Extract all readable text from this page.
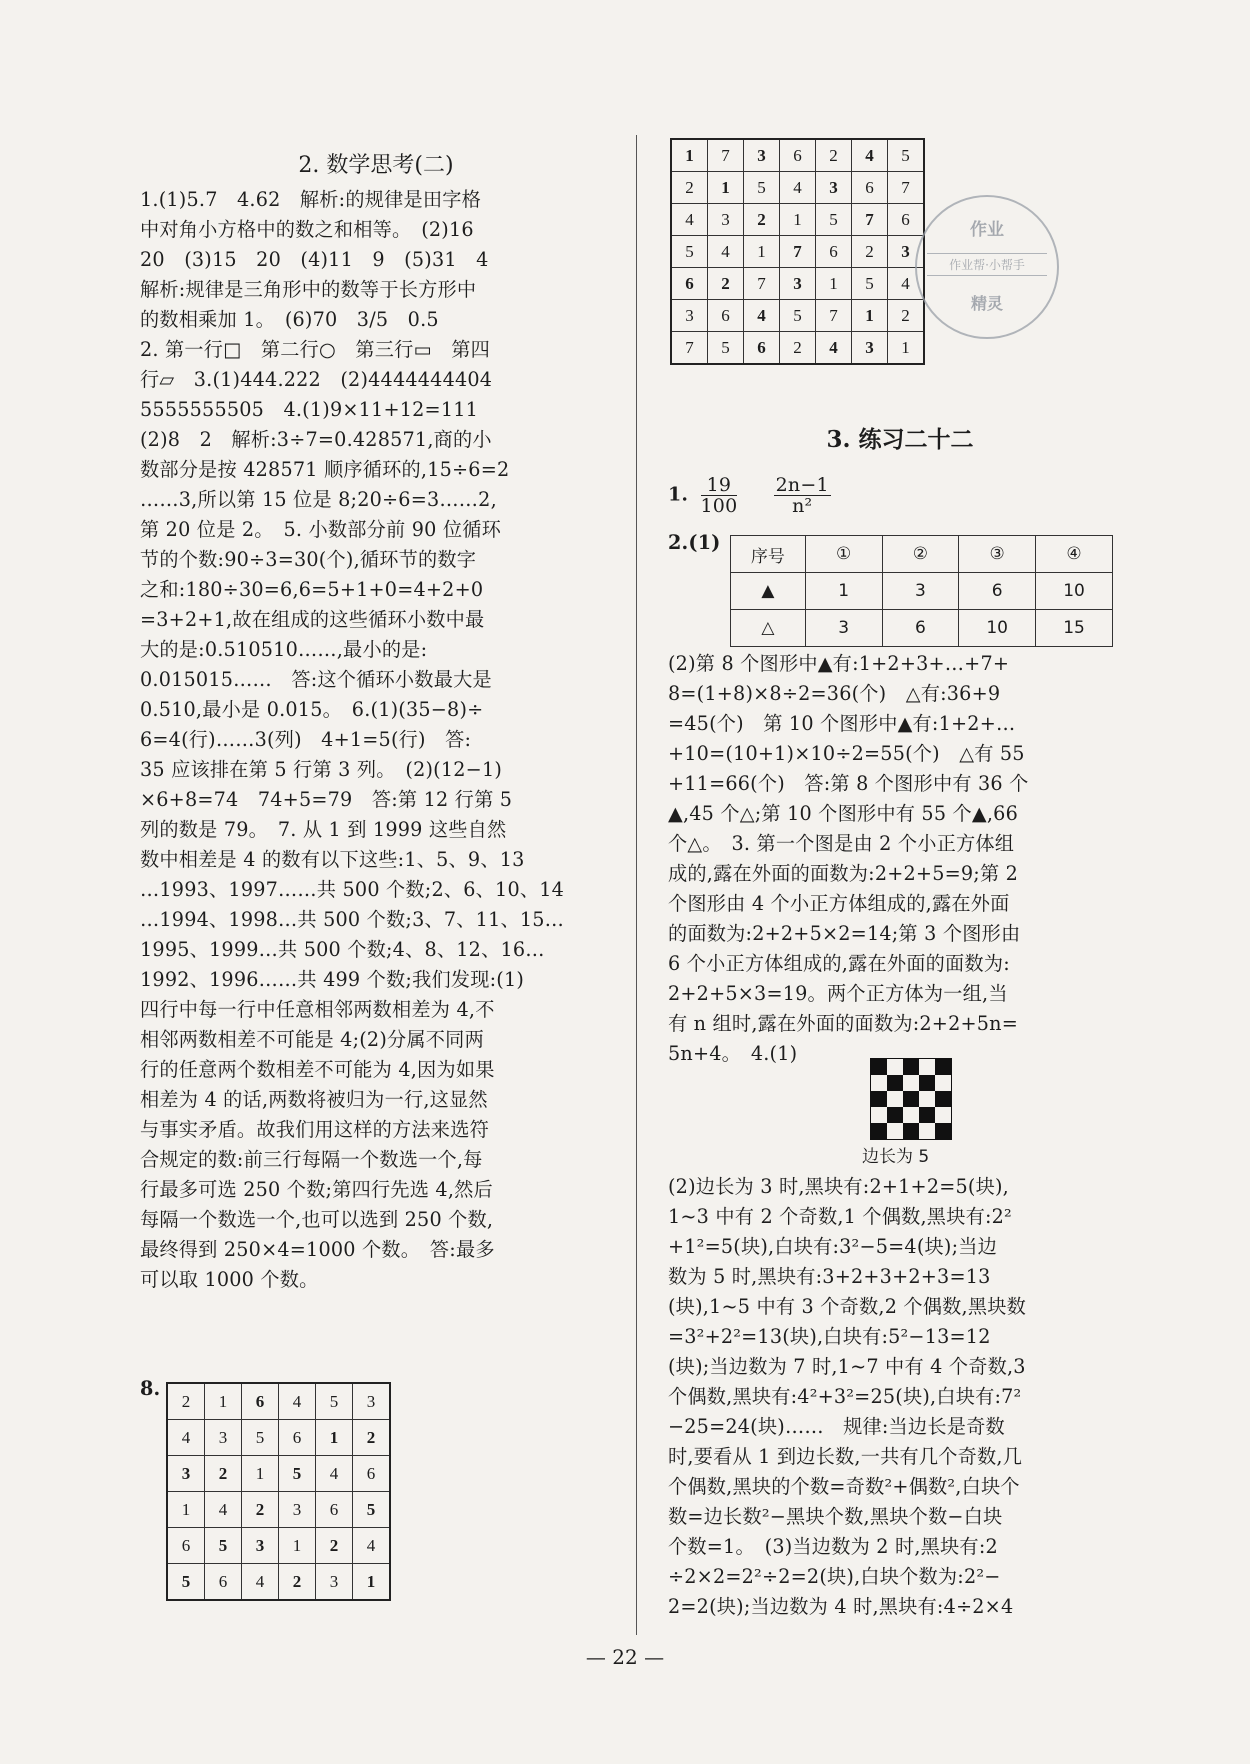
2. 数学思考(二)
1.(1)5.7　4.62　解析:的规律是田字格
中对角小方格中的数之和相等。　(2)16
20　(3)15　20　(4)11　9　(5)31　4
解析:规律是三角形中的数等于长方形中
的数相乘加 1。　(6)70　3/5　0.5
2. 第一行□　第二行○　第三行▭　第四
行▱　3.(1)444.222　(2)4444444404
5555555505　4.(1)9×11+12=111
(2)8　2　解析:3÷7=0.428571,商的小
数部分是按 428571 顺序循环的,15÷6=2
……3,所以第 15 位是 8;20÷6=3……2,
第 20 位是 2。　5. 小数部分前 90 位循环
节的个数:90÷3=30(个),循环节的数字
之和:180÷30=6,6=5+1+0=4+2+0
=3+2+1,故在组成的这些循环小数中最
大的是:0.510510……,最小的是:
0.015015……　答:这个循环小数最大是
0.510,最小是 0.015。　6.(1)(35−8)÷
6=4(行)……3(列)　4+1=5(行)　答:
35 应该排在第 5 行第 3 列。　(2)(12−1)
×6+8=74　74+5=79　答:第 12 行第 5
列的数是 79。　7. 从 1 到 1999 这些自然
数中相差是 4 的数有以下这些:1、5、9、13
…1993、1997……共 500 个数;2、6、10、14
…1994、1998…共 500 个数;3、7、11、15…
1995、1999…共 500 个数;4、8、12、16…
1992、1996……共 499 个数;我们发现:(1)
四行中每一行中任意相邻两数相差为 4,不
相邻两数相差不可能是 4;(2)分属不同两
行的任意两个数相差不可能为 4,因为如果
相差为 4 的话,两数将被归为一行,这显然
与事实矛盾。故我们用这样的方法来选符
合规定的数:前三行每隔一个数选一个,每
行最多可选 250 个数;第四行先选 4,然后
每隔一个数选一个,也可以选到 250 个数,
最终得到 250×4=1000 个数。　答:最多
可以取 1000 个数。
8.
2	1	6	4	5	3
4	3	5	6	1	2
3	2	1	5	4	6
1	4	2	3	6	5
6	5	3	1	2	4
5	6	4	2	3	1
1	7	3	6	2	4	5
2	1	5	4	3	6	7
4	3	2	1	5	7	6
5	4	1	7	6	2	3
6	2	7	3	1	5	4
3	6	4	5	7	1	2
7	5	6	2	4	3	1
作业
作业帮·小帮手
精灵
3. 练习二十二
1. $\frac{19}{100}$
$\frac{2n-1}{\text{n²}}$
2.(1)
序号	①	②	③	④
▲	1	3	6	10
△	3	6	10	15
(2)第 8 个图形中▲有:1+2+3+…+7+
8=(1+8)×8÷2=36(个)　△有:36+9
=45(个)　第 10 个图形中▲有:1+2+…
+10=(10+1)×10÷2=55(个)　△有 55
+11=66(个)　答:第 8 个图形中有 36 个
▲,45 个△;第 10 个图形中有 55 个▲,66
个△。　3. 第一个图是由 2 个小正方体组
成的,露在外面的面数为:2+2+5=9;第 2
个图形由 4 个小正方体组成的,露在外面
的面数为:2+2+5×2=14;第 3 个图形由
6 个小正方体组成的,露在外面的面数为:
2+2+5×3=19。两个正方体为一组,当
有 n 组时,露在外面的面数为:2+2+5n=
5n+4。　4.(1)
边长为 5
(2)边长为 3 时,黑块有:2+1+2=5(块),
1~3 中有 2 个奇数,1 个偶数,黑块有:2²
+1²=5(块),白块有:3²−5=4(块);当边
数为 5 时,黑块有:3+2+3+2+3=13
(块),1~5 中有 3 个奇数,2 个偶数,黑块数
=3²+2²=13(块),白块有:5²−13=12
(块);当边数为 7 时,1~7 中有 4 个奇数,3
个偶数,黑块有:4²+3²=25(块),白块有:7²
−25=24(块)……　规律:当边长是奇数
时,要看从 1 到边长数,一共有几个奇数,几
个偶数,黑块的个数=奇数²+偶数²,白块个
数=边长数²−黑块个数,黑块个数−白块
个数=1。　(3)当边数为 2 时,黑块有:2
÷2×2=2²÷2=2(块),白块个数为:2²−
2=2(块);当边数为 4 时,黑块有:4÷2×4
— 22 —
